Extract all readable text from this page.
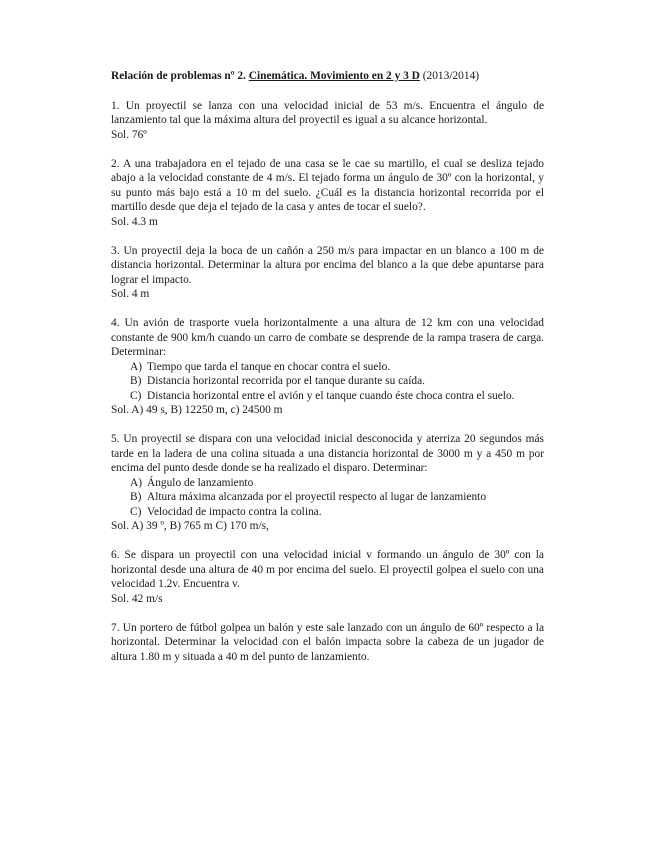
Relación de problemas nº 2. Cinemática. Movimiento en 2 y 3 D (2013/2014)

1. Un proyectil se lanza con una velocidad inicial de 53 m/s. Encuentra el ángulo de lanzamiento tal que la máxima altura del proyectil es igual a su alcance horizontal.

Sol. 76º

2. A una trabajadora en el tejado de una casa se le cae su martillo, el cual se desliza tejado abajo a la velocidad constante de 4 m/s. El tejado forma un ángulo de 30º con la horizontal, y su punto más bajo está a 10 m del suelo. ¿Cuál es la distancia horizontal recorrida por el martillo desde que deja el tejado de la casa y antes de tocar el suelo?.

Sol. 4.3 m

3. Un proyectil deja la boca de un cañón a 250 m/s para impactar en un blanco a 100 m de distancia horizontal. Determinar la altura por encima del blanco a la que debe apuntarse para lograr el impacto.

Sol. 4 m

4. Un avión de trasporte vuela horizontalmente a una altura de 12 km con una velocidad constante de 900 km/h cuando un carro de combate se desprende de la rampa trasera de carga. Determinar:

A) Tiempo que tarda el tanque en chocar contra el suelo.
B) Distancia horizontal recorrida por el tanque durante su caída.
C) Distancia horizontal entre el avión y el tanque cuando éste choca contra el suelo.
Sol. A) 49 s, B) 12250 m, c) 24500 m

5. Un proyectil se dispara con una velocidad inicial desconocida y aterriza 20 segundos más tarde en la ladera de una colina situada a una distancia horizontal de 3000 m y a 450 m por encima del punto desde donde se ha realizado el disparo. Determinar:

A) Ángulo de lanzamiento
B) Altura máxima alcanzada por el proyectil respecto al lugar de lanzamiento
C) Velocidad de impacto contra la colina.
Sol. A) 39 º, B) 765 m C) 170 m/s,

6. Se dispara un proyectil con una velocidad inicial v formando un ángulo de 30º con la horizontal desde una altura de 40 m por encima del suelo. El proyectil golpea el suelo con una velocidad 1.2v. Encuentra v.

Sol. 42 m/s

7. Un portero de fútbol golpea un balón y este sale lanzado con un ángulo de 60º respecto a la horizontal. Determinar la velocidad con el balón impacta sobre la cabeza de un jugador de altura 1.80 m y situada a 40 m del punto de lanzamiento.
